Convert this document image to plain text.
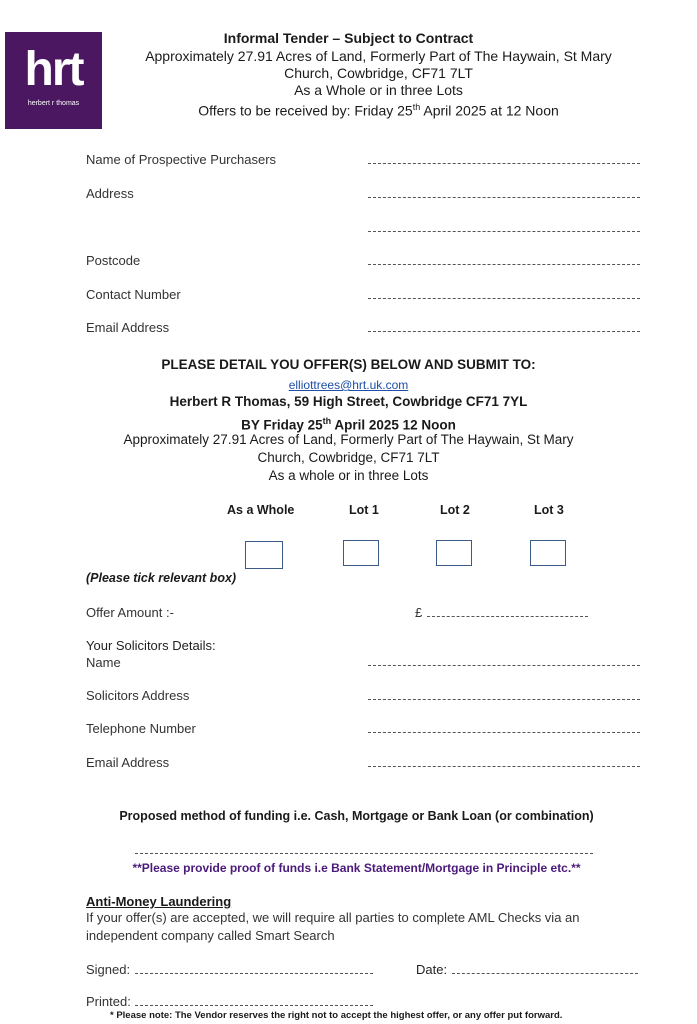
hrt
herbert r thomas
Informal Tender – Subject to Contract
Approximately 27.91 Acres of Land, Formerly Part of The Haywain, St Mary
Church, Cowbridge, CF71 7LT
As a Whole or in three Lots
Offers to be received by: Friday 25th April 2025 at 12 Noon
Name of Prospective Purchasers
Address
Postcode
Contact Number
Email Address
PLEASE DETAIL YOU OFFER(S) BELOW AND SUBMIT TO:
elliottrees@hrt.uk.com
Herbert R Thomas, 59 High Street, Cowbridge CF71 7YL
BY Friday 25th April 2025 12 Noon
Approximately 27.91 Acres of Land, Formerly Part of The Haywain, St Mary
Church, Cowbridge, CF71 7LT
As a whole or in three Lots
As a Whole	Lot 1	Lot 2	Lot 3
(Please tick relevant box)
Offer Amount :-	£
Your Solicitors Details:
Name
Solicitors Address
Telephone Number
Email Address
Proposed method of funding i.e. Cash, Mortgage or Bank Loan (or combination)
**Please provide proof of funds i.e Bank Statement/Mortgage in Principle etc.**
Anti-Money Laundering
If your offer(s) are accepted, we will require all parties to complete AML Checks via an
independent company called Smart Search
Signed:	Date:
Printed:
* Please note: The Vendor reserves the right not to accept the highest offer, or any offer put forward.
